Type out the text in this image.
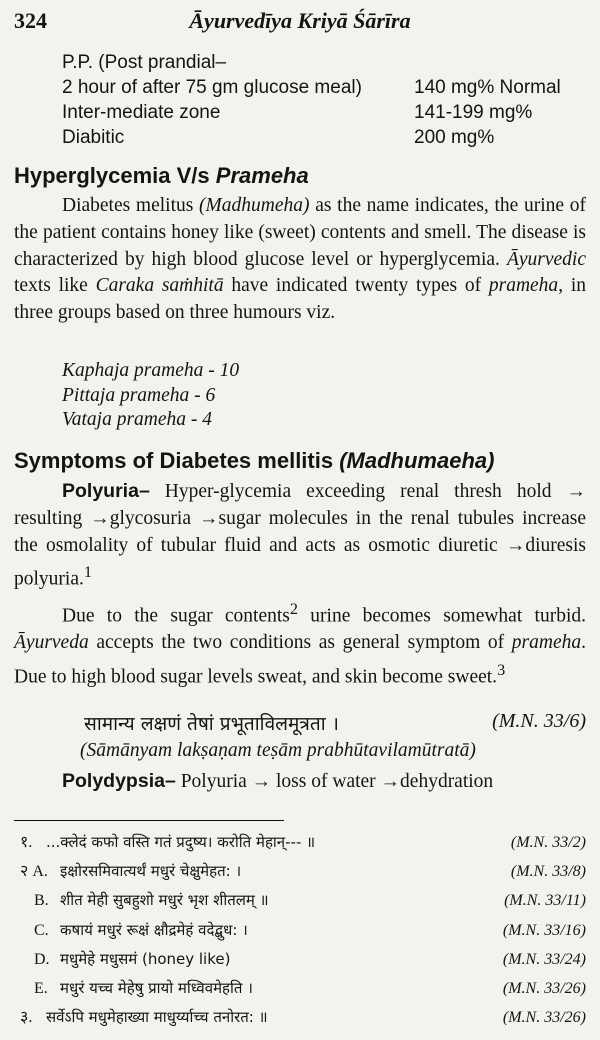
324	Āyurvedīya Kriyā Śārīra
P.P. (Post prandial–
2 hour of after 75 gm glucose meal)	140 mg% Normal
Inter-mediate zone	141-199 mg%
Diabitic	200 mg%
Hyperglycemia V/s Prameha
Diabetes melitus (Madhumeha) as the name indicates, the urine of the patient contains honey like (sweet) contents and smell. The disease is characterized by high blood glucose level or hyperglycemia. Āyurvedic texts like Caraka saṁhitā have indicated twenty types of prameha, in three groups based on three humours viz.
Kaphaja prameha - 10
Pittaja prameha - 6
Vataja prameha - 4
Symptoms of Diabetes mellitis (Madhumaeha)
Polyuria– Hyper-glycemia exceeding renal thresh hold → resulting →glycosuria →sugar molecules in the renal tubules increase the osmolality of tubular fluid and acts as osmotic diuretic →diuresis polyuria.$^1$
Due to the sugar contents$^2$ urine becomes somewhat turbid. Āyurveda accepts the two conditions as general symptom of prameha. Due to high blood sugar levels sweat, and skin become sweet.$^3$
सामान्य लक्षणं तेषां प्रभूताविलमूत्रता ।	(M.N. 33/6)
(Sāmānyam lakṣaṇam teṣām prabhūtavilamūtratā)
Polydypsia– Polyuria → loss of water →dehydration
१. ...क्लेदं कफो वस्ति गतं प्रदुष्य। करोति मेहान्--- ॥	(M.N. 33/2)
२ A. इक्षोरसमिवात्यर्थं मधुरं चेक्षुमेहत: ।	(M.N. 33/8)
B. शीत मेही सुबहुशो मधुरं भृश शीतलम् ॥	(M.N. 33/11)
C. कषायं मधुरं रूक्षं क्षौद्रमेहं वदेद्बुध: ।	(M.N. 33/16)
D. मधुमेहे मधुसमं (honey like)	(M.N. 33/24)
E. मधुरं यच्च मेहेषु प्रायो मध्विवमेहति ।	(M.N. 33/26)
३. सर्वेऽपि मधुमेहाख्या माधुर्य्याच्च तनोरत: ॥	(M.N. 33/26)
